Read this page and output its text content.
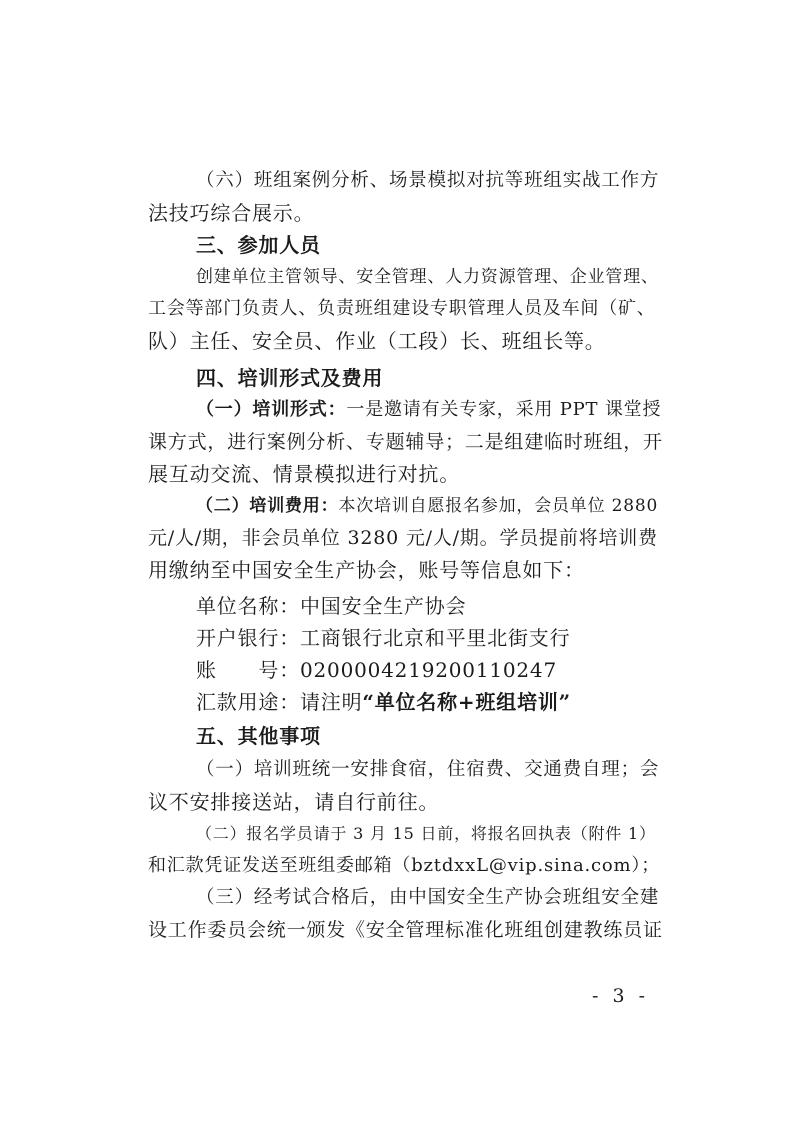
（六）班组案例分析、场景模拟对抗等班组实战工作方
法技巧综合展示。
三、参加人员
创建单位主管领导、安全管理、人力资源管理、企业管理、
工会等部门负责人、负责班组建设专职管理人员及车间（矿、
队）主任、安全员、作业（工段）长、班组长等。
四、培训形式及费用
（一）培训形式：一是邀请有关专家，采用 PPT 课堂授
课方式，进行案例分析、专题辅导；二是组建临时班组，开
展互动交流、情景模拟进行对抗。
（二）培训费用：本次培训自愿报名参加，会员单位 2880
元/人/期，非会员单位 3280 元/人/期。学员提前将培训费
用缴纳至中国安全生产协会，账号等信息如下：
单位名称：中国安全生产协会
开户银行：工商银行北京和平里北街支行
账　　号：0200004219200110247
汇款用途：请注明“单位名称+班组培训”
五、其他事项
（一）培训班统一安排食宿，住宿费、交通费自理；会
议不安排接送站，请自行前往。
（二）报名学员请于 3 月 15 日前，将报名回执表（附件 1）
和汇款凭证发送至班组委邮箱（bztdxxL@vip.sina.com）；
（三）经考试合格后，由中国安全生产协会班组安全建
设工作委员会统一颁发《安全管理标准化班组创建教练员证
- 3 -
